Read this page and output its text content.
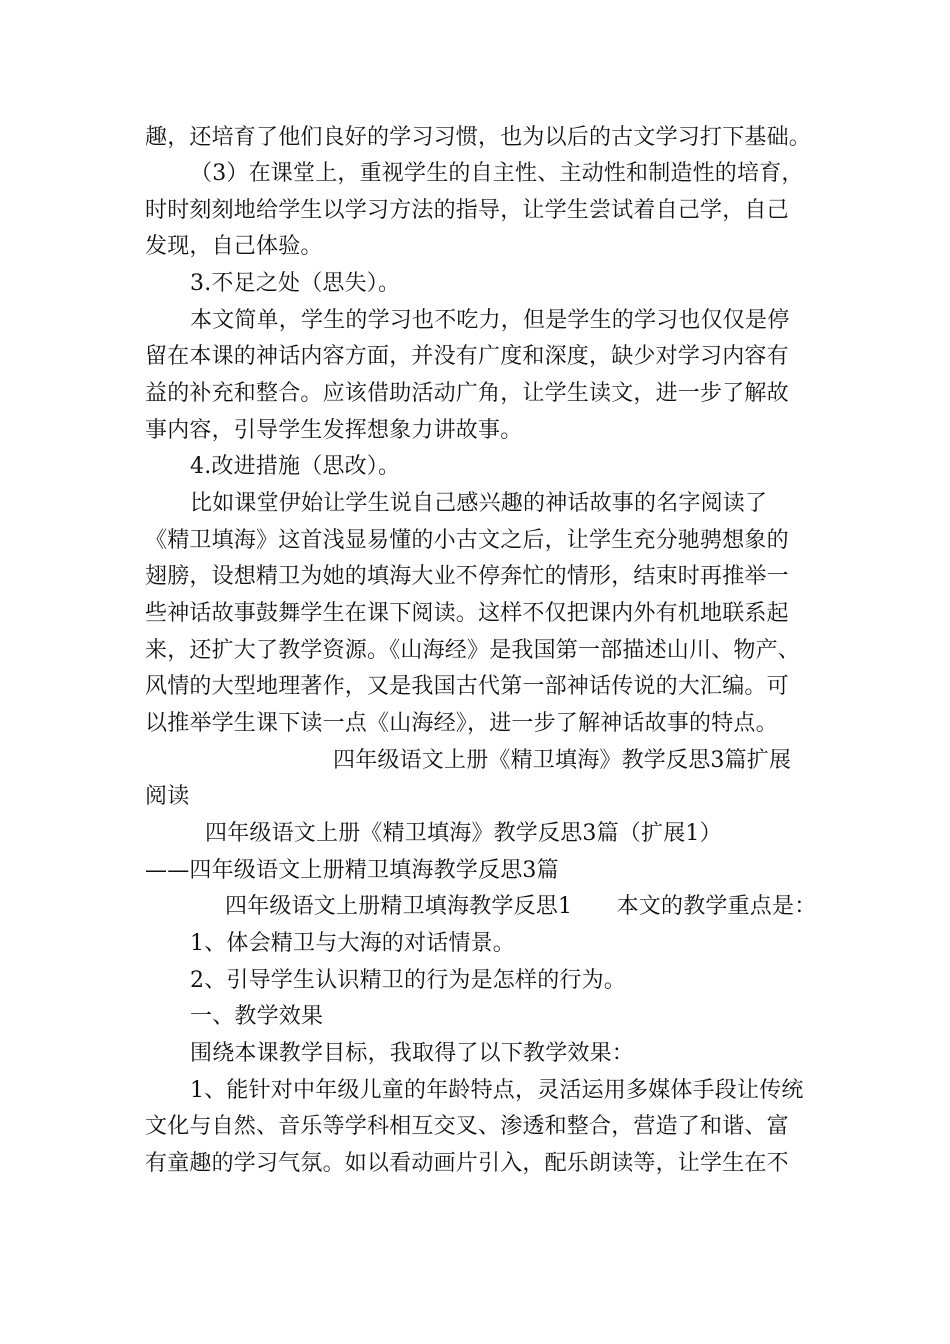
趣，还培育了他们良好的学习习惯，也为以后的古文学习打下基础。
（3）在课堂上，重视学生的自主性、主动性和制造性的培育，
时时刻刻地给学生以学习方法的指导，让学生尝试着自己学，自己
发现，自己体验。
3.不足之处（思失）。
本文简单，学生的学习也不吃力，但是学生的学习也仅仅是停
留在本课的神话内容方面，并没有广度和深度，缺少对学习内容有
益的补充和整合。应该借助活动广角，让学生读文，进一步了解故
事内容，引导学生发挥想象力讲故事。
4.改进措施（思改）。
比如课堂伊始让学生说自己感兴趣的神话故事的名字阅读了
《精卫填海》这首浅显易懂的小古文之后，让学生充分驰骋想象的
翅膀，设想精卫为她的填海大业不停奔忙的情形，结束时再推举一
些神话故事鼓舞学生在课下阅读。这样不仅把课内外有机地联系起
来，还扩大了教学资源。《山海经》是我国第一部描述山川、物产、
风情的大型地理著作，又是我国古代第一部神话传说的大汇编。可
以推举学生课下读一点《山海经》，进一步了解神话故事的特点。
四年级语文上册《精卫填海》教学反思3篇扩展
阅读
四年级语文上册《精卫填海》教学反思3篇（扩展1）
——四年级语文上册精卫填海教学反思3篇
四年级语文上册精卫填海教学反思1　　本文的教学重点是：
1、体会精卫与大海的对话情景。
2、引导学生认识精卫的行为是怎样的行为。
一、教学效果
围绕本课教学目标，我取得了以下教学效果：
1、能针对中年级儿童的年龄特点，灵活运用多媒体手段让传统
文化与自然、音乐等学科相互交叉、渗透和整合，营造了和谐、富
有童趣的学习气氛。如以看动画片引入，配乐朗读等，让学生在不
